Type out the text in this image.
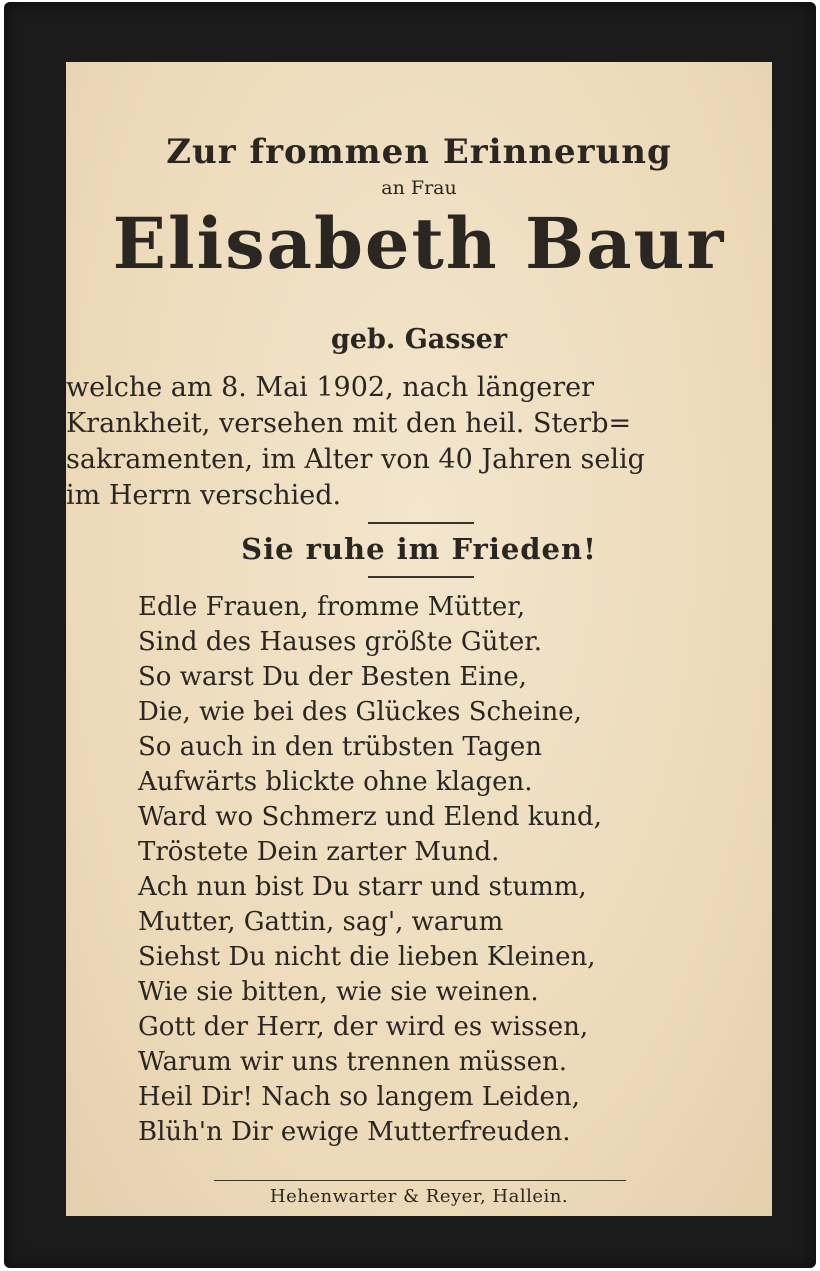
Zur frommen Erinnerung
an Frau
Elisabeth Baur
geb. Gasser
welche am 8. Mai 1902, nach längerer
Krankheit, versehen mit den heil. Sterb=
sakramenten, im Alter von 40 Jahren selig
im Herrn verschied.
Sie ruhe im Frieden!
Edle Frauen, fromme Mütter,
Sind des Hauses größte Güter.
So warst Du der Besten Eine,
Die, wie bei des Glückes Scheine,
So auch in den trübsten Tagen
Aufwärts blickte ohne klagen.
Ward wo Schmerz und Elend kund,
Tröstete Dein zarter Mund.
Ach nun bist Du starr und stumm,
Mutter, Gattin, sag', warum
Siehst Du nicht die lieben Kleinen,
Wie sie bitten, wie sie weinen.
Gott der Herr, der wird es wissen,
Warum wir uns trennen müssen.
Heil Dir! Nach so langem Leiden,
Blüh'n Dir ewige Mutterfreuden.
Hehenwarter & Reyer, Hallein.
